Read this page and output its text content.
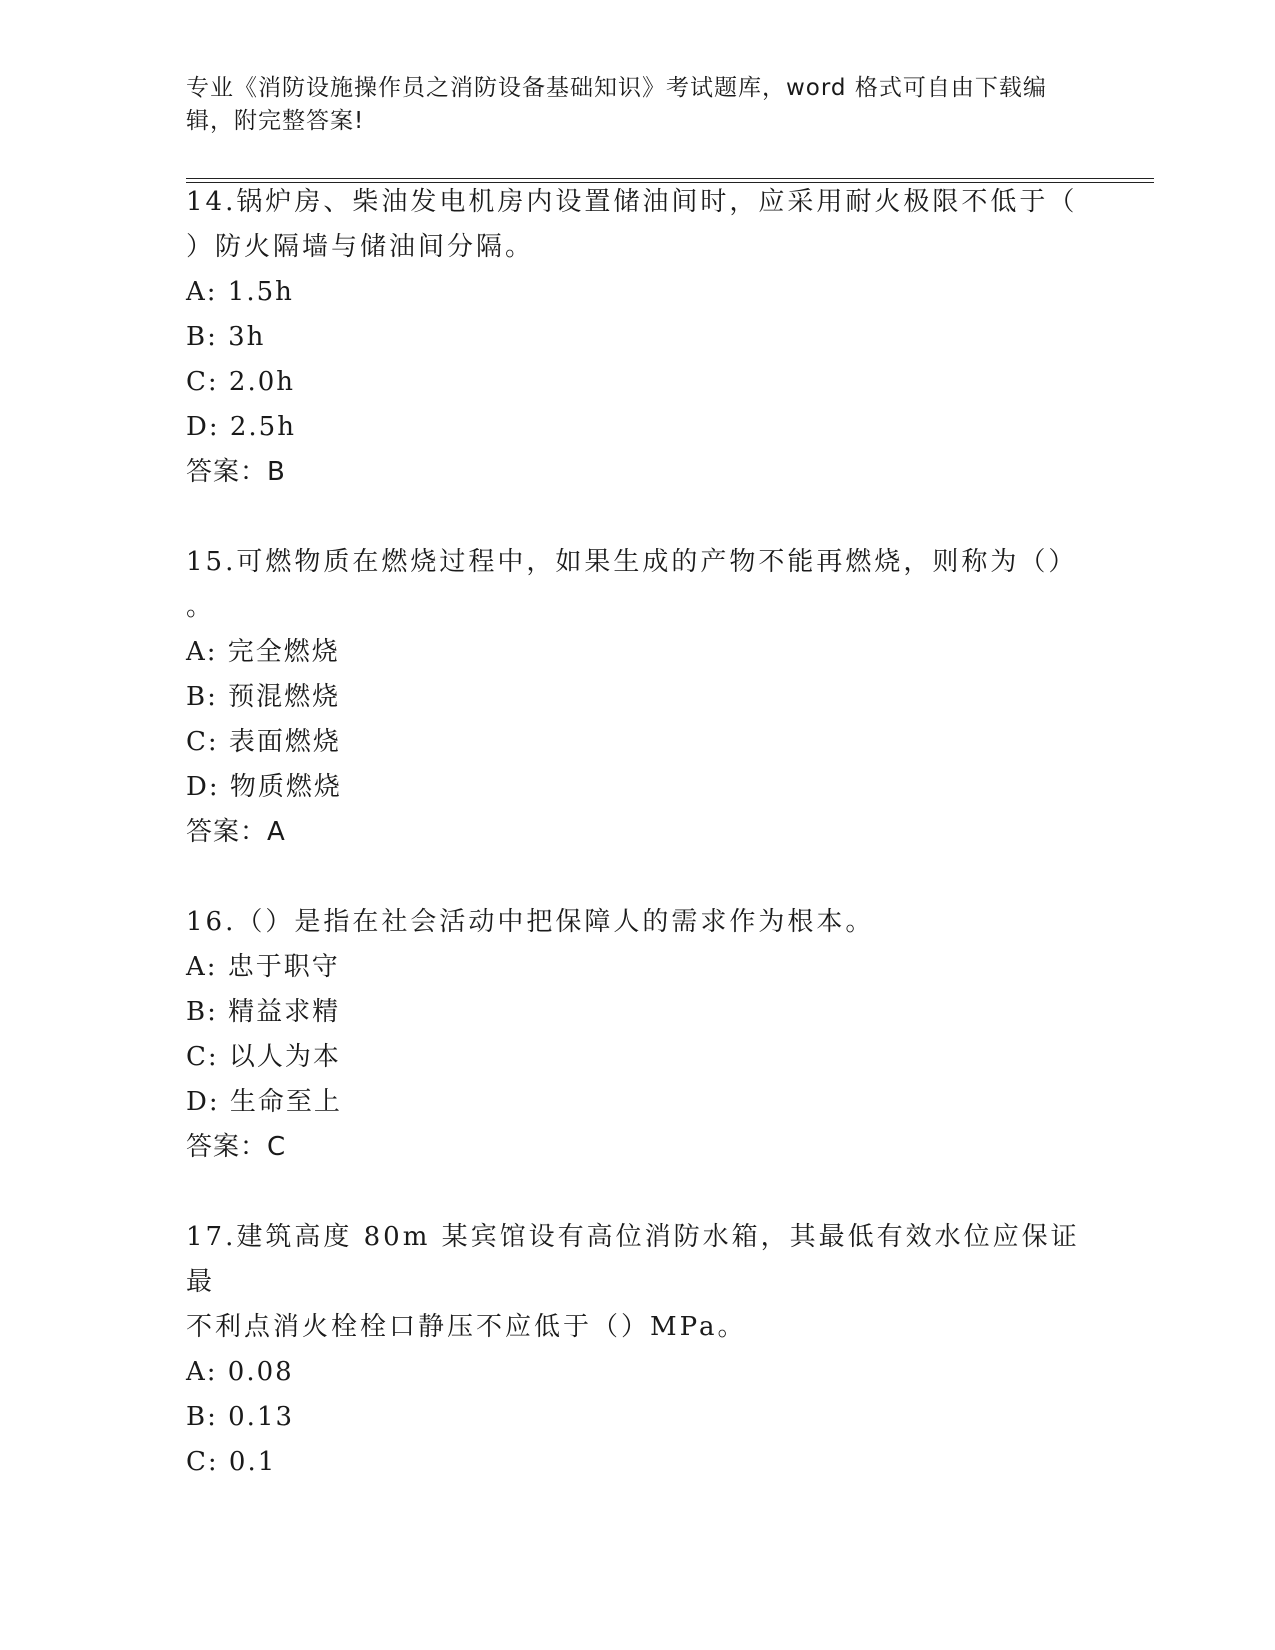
专业《消防设施操作员之消防设备基础知识》考试题库，word 格式可自由下载编
辑，附完整答案!

14.锅炉房、柴油发电机房内设置储油间时，应采用耐火极限不低于（

）防火隔墙与储油间分隔。

A: 1.5h

B: 3h

C: 2.0h

D: 2.5h

答案：B

15.可燃物质在燃烧过程中，如果生成的产物不能再燃烧，则称为（）

。

A: 完全燃烧

B: 预混燃烧

C: 表面燃烧

D: 物质燃烧

答案：A

16.（）是指在社会活动中把保障人的需求作为根本。

A: 忠于职守

B: 精益求精

C: 以人为本

D: 生命至上

答案：C

17.建筑高度 80m 某宾馆设有高位消防水箱，其最低有效水位应保证最

不利点消火栓栓口静压不应低于（）MPa。

A: 0.08

B: 0.13

C: 0.1
